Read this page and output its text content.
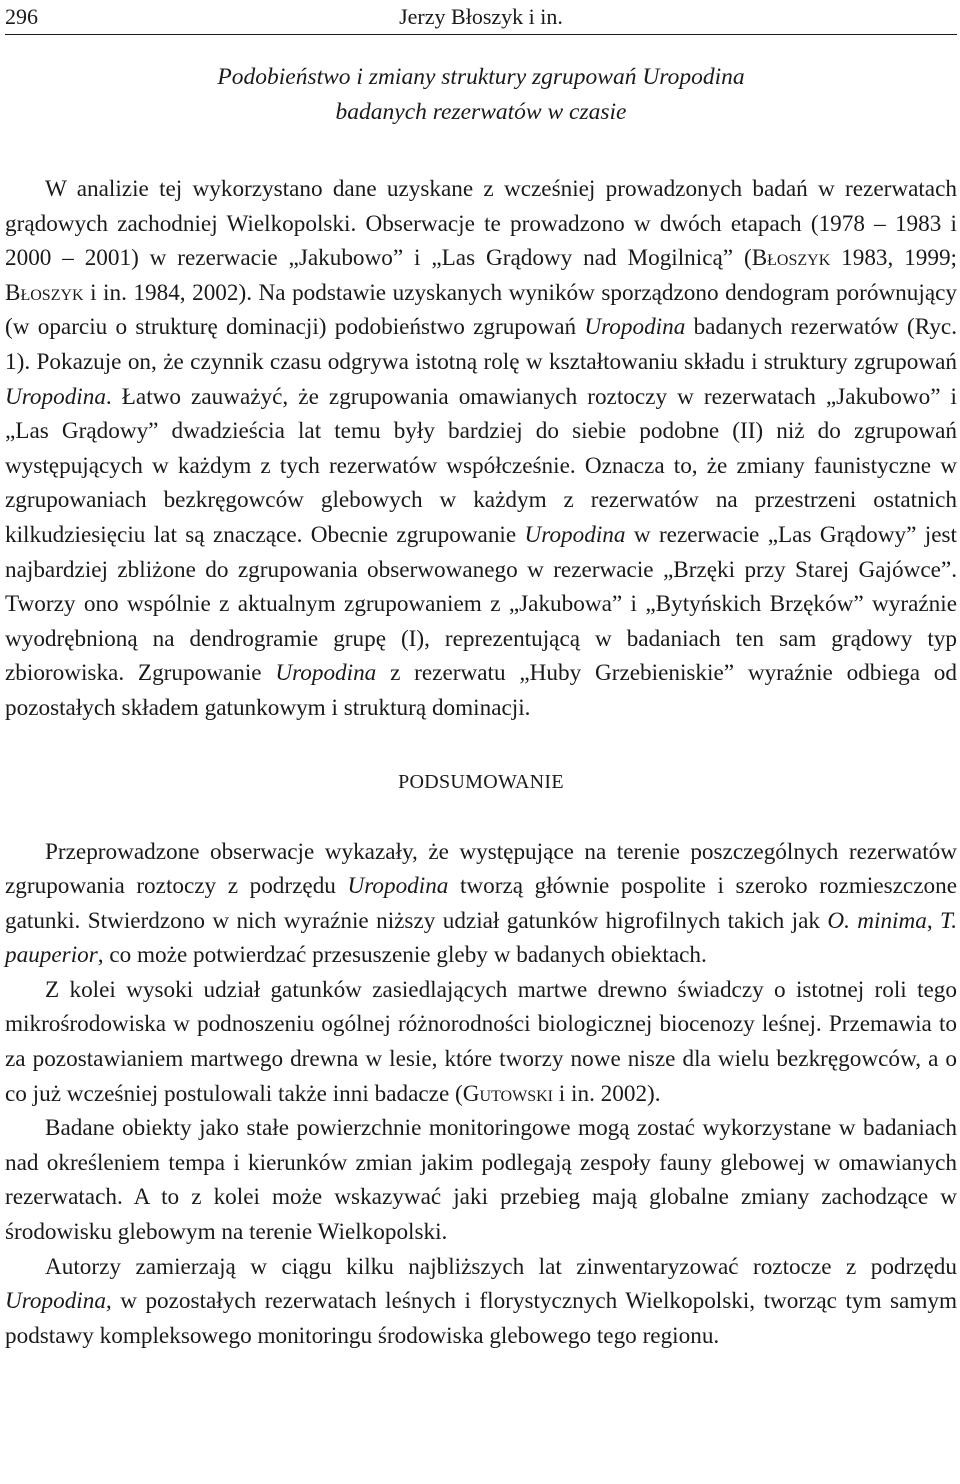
296	Jerzy Błoszyk i in.
Podobieństwo i zmiany struktury zgrupowań Uropodina
badanych rezerwatów w czasie

W analizie tej wykorzystano dane uzyskane z wcześniej prowadzonych badań w rezerwatach grądowych zachodniej Wielkopolski. Obserwacje te prowadzono w dwóch etapach (1978 – 1983 i 2000 – 2001) w rezerwacie „Jakubowo” i „Las Grądowy nad Mogilnicą” (Błoszyk 1983, 1999; Błoszyk i in. 1984, 2002). Na podstawie uzyskanych wyników sporządzono dendogram porównujący (w oparciu o strukturę dominacji) podobieństwo zgrupowań Uropodina badanych rezerwatów (Ryc. 1). Pokazuje on, że czynnik czasu odgrywa istotną rolę w kształtowaniu składu i struktury zgrupowań Uropodina. Łatwo zauważyć, że zgrupowania omawianych roztoczy w rezerwatach „Jakubowo” i „Las Grądowy” dwadzieścia lat temu były bardziej do siebie podobne (II) niż do zgrupowań występujących w każdym z tych rezerwatów współcześnie. Oznacza to, że zmiany faunistyczne w zgrupowaniach bezkręgowców glebowych w każdym z rezerwatów na przestrzeni ostatnich kilkudziesięciu lat są znaczące. Obecnie zgrupowanie Uropodina w rezerwacie „Las Grądowy” jest najbardziej zbliżone do zgrupowania obserwowanego w rezerwacie „Brzęki przy Starej Gajówce”. Tworzy ono wspólnie z aktualnym zgrupowaniem z „Jakubowa” i „Bytyńskich Brzęków” wyraźnie wyodrębnioną na dendrogramie grupę (I), reprezentującą w badaniach ten sam grądowy typ zbiorowiska. Zgrupowanie Uropodina z rezerwatu „Huby Grzebieniskie” wyraźnie odbiega od pozostałych składem gatunkowym i strukturą dominacji.

PODSUMOWANIE

Przeprowadzone obserwacje wykazały, że występujące na terenie poszczególnych rezerwatów zgrupowania roztoczy z podrzędu Uropodina tworzą głównie pospolite i szeroko rozmieszczone gatunki. Stwierdzono w nich wyraźnie niższy udział gatunków higrofilnych takich jak O. minima, T. pauperior, co może potwierdzać przesuszenie gleby w badanych obiektach.

Z kolei wysoki udział gatunków zasiedlających martwe drewno świadczy o istotnej roli tego mikrośrodowiska w podnoszeniu ogólnej różnorodności biologicznej biocenozy leśnej. Przemawia to za pozostawianiem martwego drewna w lesie, które tworzy nowe nisze dla wielu bezkręgowców, a o co już wcześniej postulowali także inni badacze (Gutowski i in. 2002).

Badane obiekty jako stałe powierzchnie monitoringowe mogą zostać wykorzystane w badaniach nad określeniem tempa i kierunków zmian jakim podlegają zespoły fauny glebowej w omawianych rezerwatach. A to z kolei może wskazywać jaki przebieg mają globalne zmiany zachodzące w środowisku glebowym na terenie Wielkopolski.

Autorzy zamierzają w ciągu kilku najbliższych lat zinwentaryzować roztocze z podrzędu Uropodina, w pozostałych rezerwatach leśnych i florystycznych Wielkopolski, tworząc tym samym podstawy kompleksowego monitoringu środowiska glebowego tego regionu.
